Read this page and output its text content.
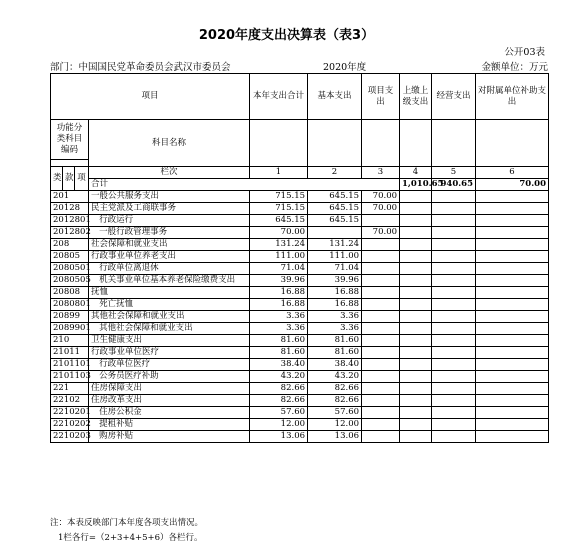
2020年度支出决算表（表3）
公开03表
部门：中国国民党革命委员会武汉市委员会	2020年度	金额单位：万元
项目				本年支出合计	基本支出	项目支出	上缴上级支出	经营支出	对附属单位补助支出	
功能分类科目编码			科目名称							

类	款	项	栏次	1	2	3	4	5	6	
			合计				1,010.65	940.65	70.00			
201			一般公共服务支出	715.15	645.15	70.00				
20128			民主党派及工商联事务	715.15	645.15	70.00				
2012801			行政运行	645.15	645.15					
2012802			一般行政管理事务	70.00		70.00				
208			社会保障和就业支出	131.24	131.24					
20805			行政事业单位养老支出	111.00	111.00					
2080501			行政单位离退休	71.04	71.04					
2080505			机关事业单位基本养老保险缴费支出	39.96	39.96					
20808			抚恤	16.88	16.88					
2080801			死亡抚恤	16.88	16.88					
20899			其他社会保障和就业支出	3.36	3.36					
2089901			其他社会保障和就业支出	3.36	3.36					
210			卫生健康支出	81.60	81.60					
21011			行政事业单位医疗	81.60	81.60					
2101101			行政单位医疗	38.40	38.40					
2101103			公务员医疗补助	43.20	43.20					
221			住房保障支出	82.66	82.66					
22102			住房改革支出	82.66	82.66					
2210201			住房公积金	57.60	57.60					
2210202			提租补贴	12.00	12.00					
2210203			购房补贴	13.06	13.06					
注：本表反映部门本年度各项支出情况。
1栏各行=（2+3+4+5+6）各栏行。
